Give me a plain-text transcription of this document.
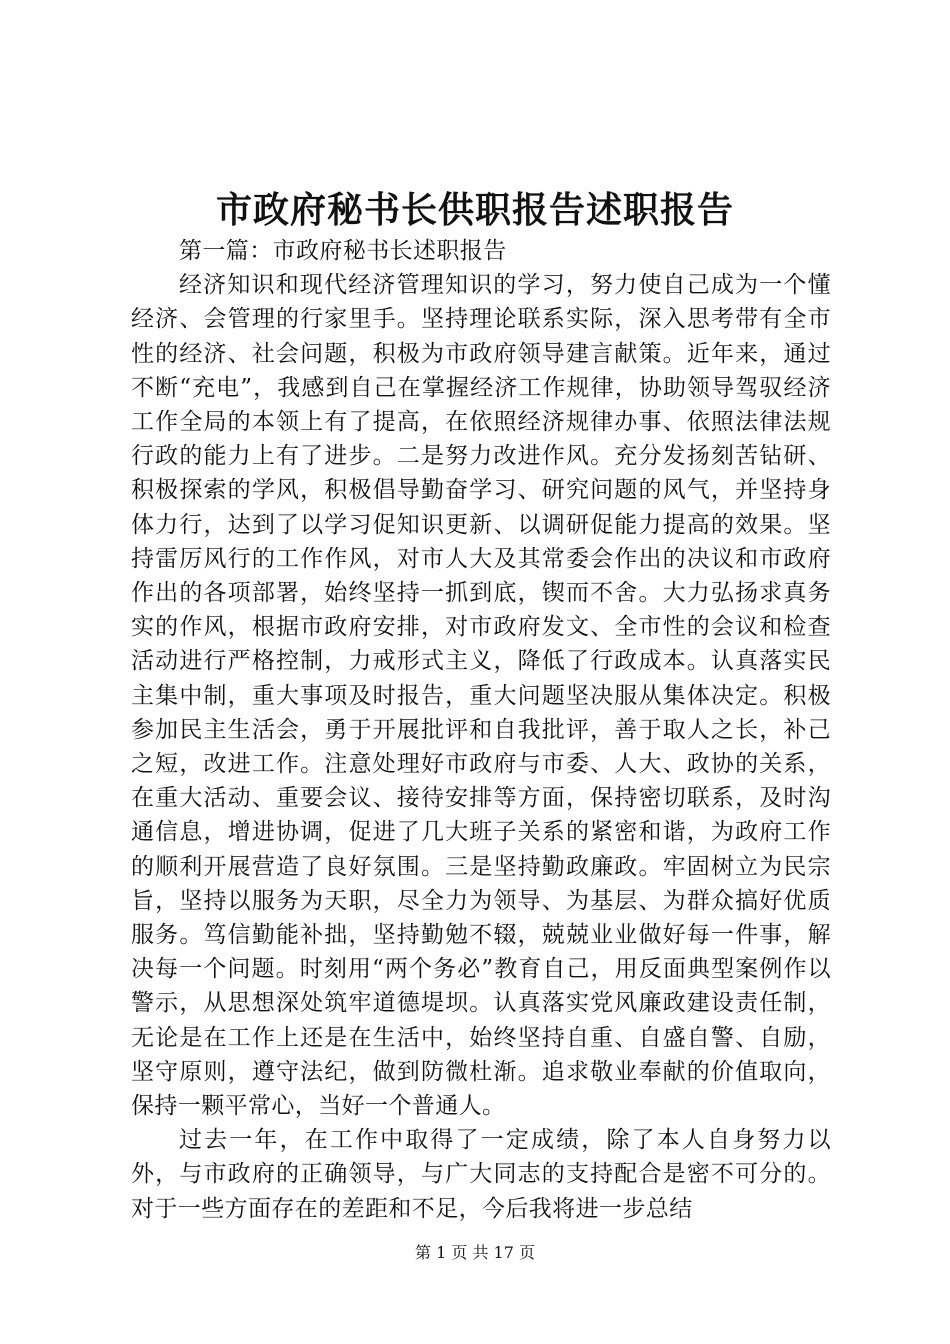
市政府秘书长供职报告述职报告

第一篇：市政府秘书长述职报告

经济知识和现代经济管理知识的学习，努力使自己成为一个懂经济、会管理的行家里手。坚持理论联系实际，深入思考带有全市性的经济、社会问题，积极为市政府领导建言献策。近年来，通过不断“充电”，我感到自己在掌握经济工作规律，协助领导驾驭经济工作全局的本领上有了提高，在依照经济规律办事、依照法律法规行政的能力上有了进步。二是努力改进作风。充分发扬刻苦钻研、积极探索的学风，积极倡导勤奋学习、研究问题的风气，并坚持身体力行，达到了以学习促知识更新、以调研促能力提高的效果。坚持雷厉风行的工作作风，对市人大及其常委会作出的决议和市政府作出的各项部署，始终坚持一抓到底，锲而不舍。大力弘扬求真务实的作风，根据市政府安排，对市政府发文、全市性的会议和检查活动进行严格控制，力戒形式主义，降低了行政成本。认真落实民主集中制，重大事项及时报告，重大问题坚决服从集体决定。积极参加民主生活会，勇于开展批评和自我批评，善于取人之长，补己之短，改进工作。注意处理好市政府与市委、人大、政协的关系，在重大活动、重要会议、接待安排等方面，保持密切联系，及时沟通信息，增进协调，促进了几大班子关系的紧密和谐，为政府工作的顺利开展营造了良好氛围。三是坚持勤政廉政。牢固树立为民宗旨，坚持以服务为天职，尽全力为领导、为基层、为群众搞好优质服务。笃信勤能补拙，坚持勤勉不辍，兢兢业业做好每一件事，解决每一个问题。时刻用“两个务必”教育自己，用反面典型案例作以警示，从思想深处筑牢道德堤坝。认真落实党风廉政建设责任制，无论是在工作上还是在生活中，始终坚持自重、自盛自警、自励，坚守原则，遵守法纪，做到防微杜渐。追求敬业奉献的价值取向，保持一颗平常心，当好一个普通人。

过去一年，在工作中取得了一定成绩，除了本人自身努力以外，与市政府的正确领导，与广大同志的支持配合是密不可分的。对于一些方面存在的差距和不足，今后我将进一步总结

第 1 页 共 17 页
